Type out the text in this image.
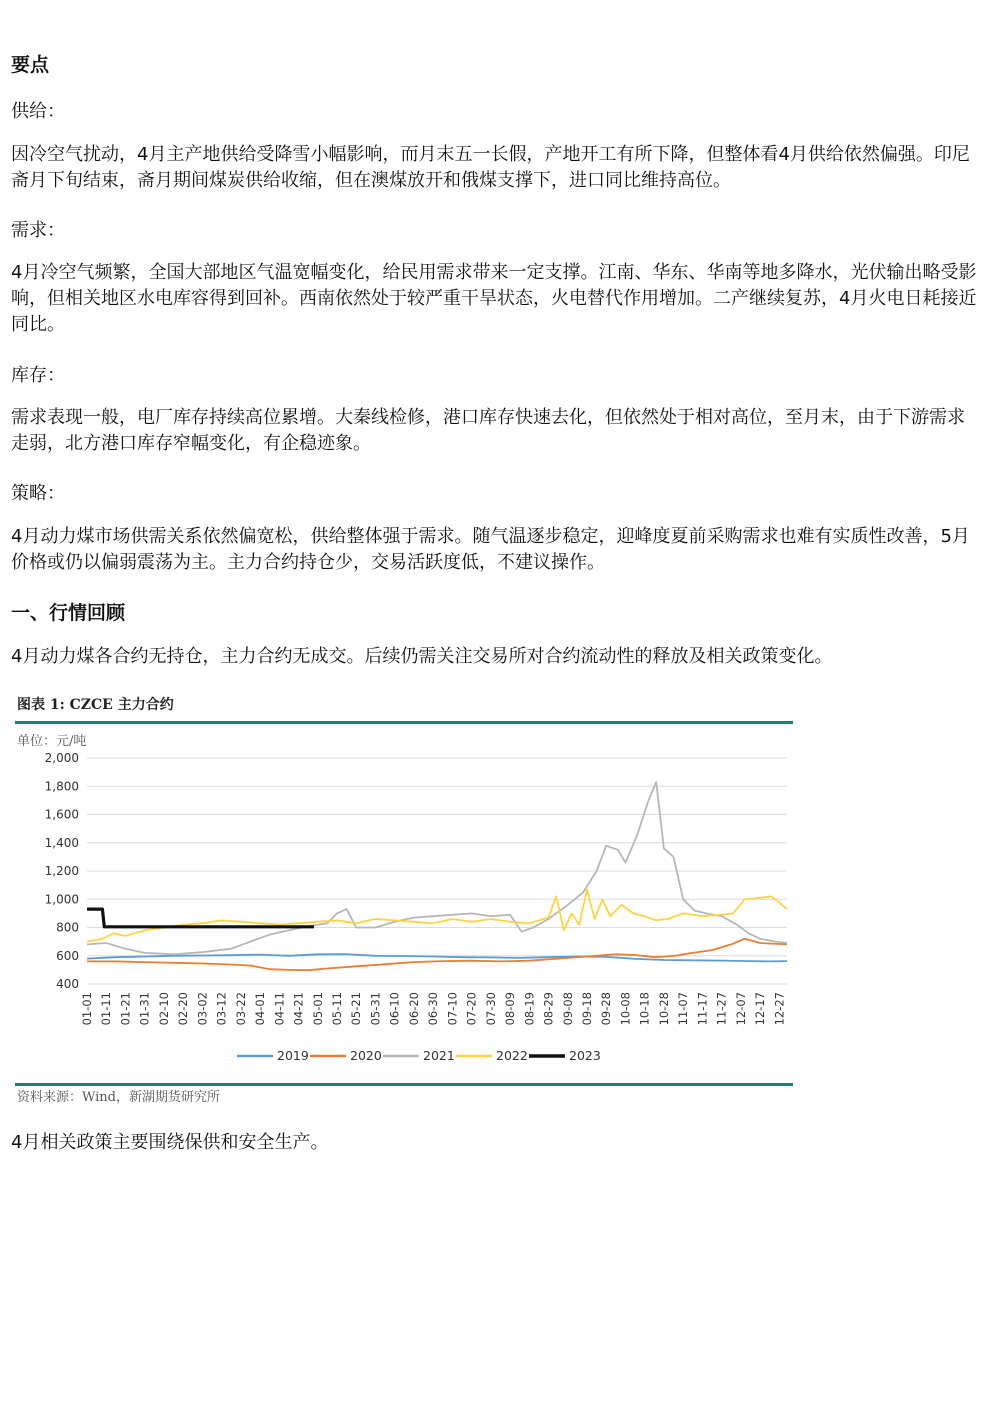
要点
供给：

因冷空气扰动，4月主产地供给受降雪小幅影响，而月末五一长假，产地开工有所下降，但整体看4月供给依然偏强。印尼斋月下旬结束，斋月期间煤炭供给收缩，但在澳煤放开和俄煤支撑下，进口同比维持高位。

需求：

4月冷空气频繁，全国大部地区气温宽幅变化，给民用需求带来一定支撑。江南、华东、华南等地多降水，光伏输出略受影响，但相关地区水电库容得到回补。西南依然处于较严重干旱状态，火电替代作用增加。二产继续复苏，4月火电日耗接近同比。

库存：

需求表现一般，电厂库存持续高位累增。大秦线检修，港口库存快速去化，但依然处于相对高位，至月末，由于下游需求走弱，北方港口库存窄幅变化，有企稳迹象。

策略：

4月动力煤市场供需关系依然偏宽松，供给整体强于需求。随气温逐步稳定，迎峰度夏前采购需求也难有实质性改善，5月价格或仍以偏弱震荡为主。主力合约持仓少，交易活跃度低，不建议操作。

一、行情回顾

4月动力煤各合约无持仓，主力合约无成交。后续仍需关注交易所对合约流动性的释放及相关政策变化。

4月相关政策主要围绕保供和安全生产。

图表 1: CZCE 主力合约
单位：元/吨
2,000
1,800
1,600
1,400
1,200
1,000
800
600
400
01-01 01-11 01-21 01-31 02-10 02-20 03-02 03-12 03-22 04-01 04-11 04-21 05-01 05-11 05-21 05-31 06-10 06-20 06-30 07-10 07-20 07-30 08-09 08-19 08-29 09-08 09-18 09-28 10-08 10-18 10-28 11-07 11-17 11-27 12-07 12-17 12-27
2019	2020	2021	2022	2023
资料来源：Wind，新湖期货研究所
